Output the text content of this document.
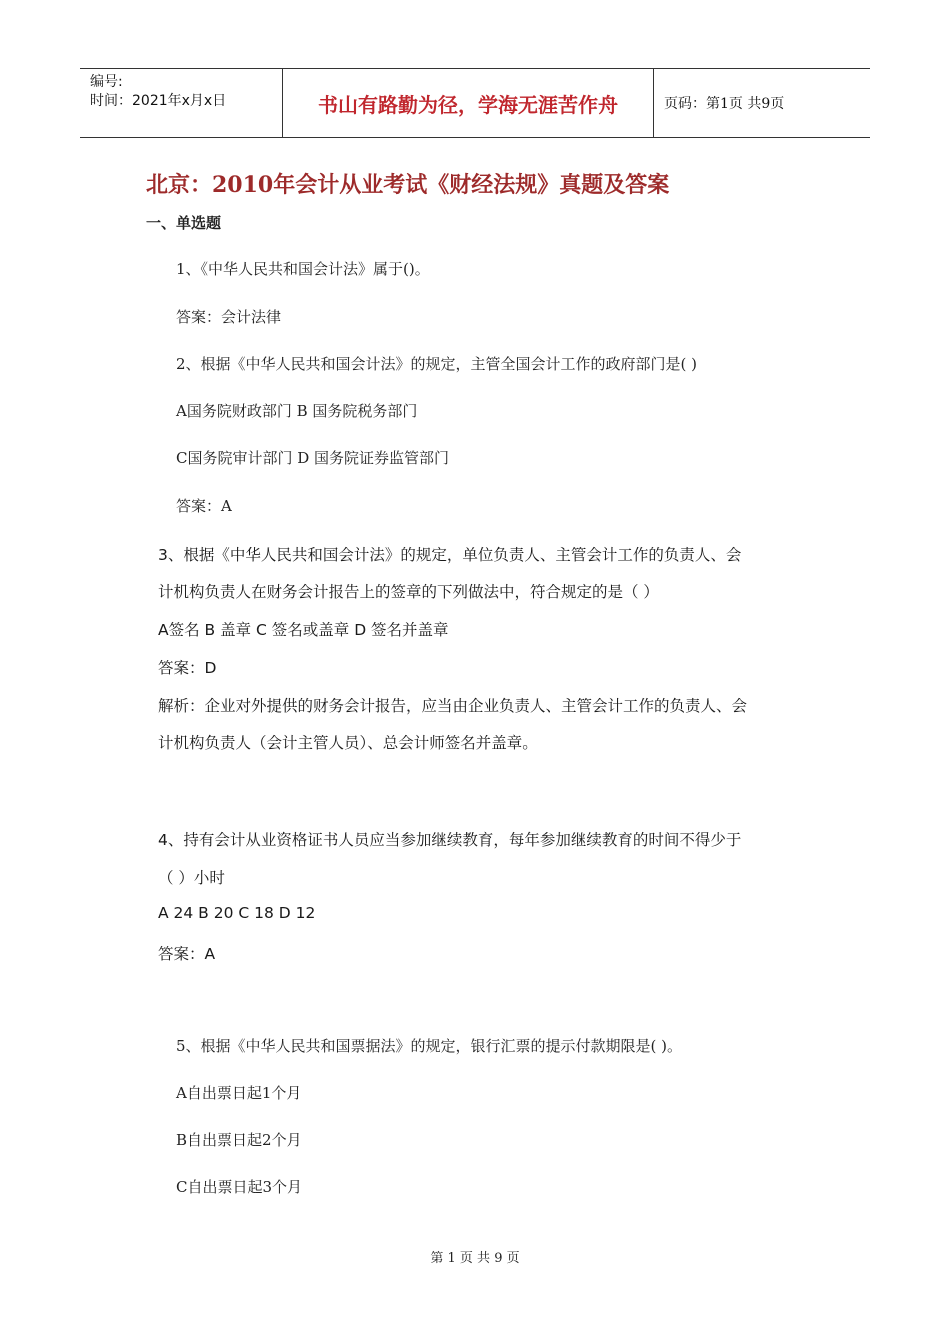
编号:
时间：2021年x月x日	书山有路勤为径，学海无涯苦作舟	页码：第1页 共9页
北京：2010年会计从业考试《财经法规》真题及答案
一、单选题
1、《中华人民共和国会计法》属于()。
答案：会计法律
2、根据《中华人民共和国会计法》的规定，主管全国会计工作的政府部门是( )
A国务院财政部门 B 国务院税务部门
C国务院审计部门 D 国务院证券监管部门
答案：A
3、根据《中华人民共和国会计法》的规定，单位负责人、主管会计工作的负责人、会
计机构负责人在财务会计报告上的签章的下列做法中，符合规定的是（ ）
A签名 B 盖章 C 签名或盖章 D 签名并盖章
答案：D
解析：企业对外提供的财务会计报告，应当由企业负责人、主管会计工作的负责人、会
计机构负责人（会计主管人员）、总会计师签名并盖章。
4、持有会计从业资格证书人员应当参加继续教育，每年参加继续教育的时间不得少于
（ ）小时
A 24 B 20 C 18 D 12
答案：A
5、根据《中华人民共和国票据法》的规定，银行汇票的提示付款期限是( )。
A自出票日起1个月
B自出票日起2个月
C自出票日起3个月
第 1 页 共 9 页
